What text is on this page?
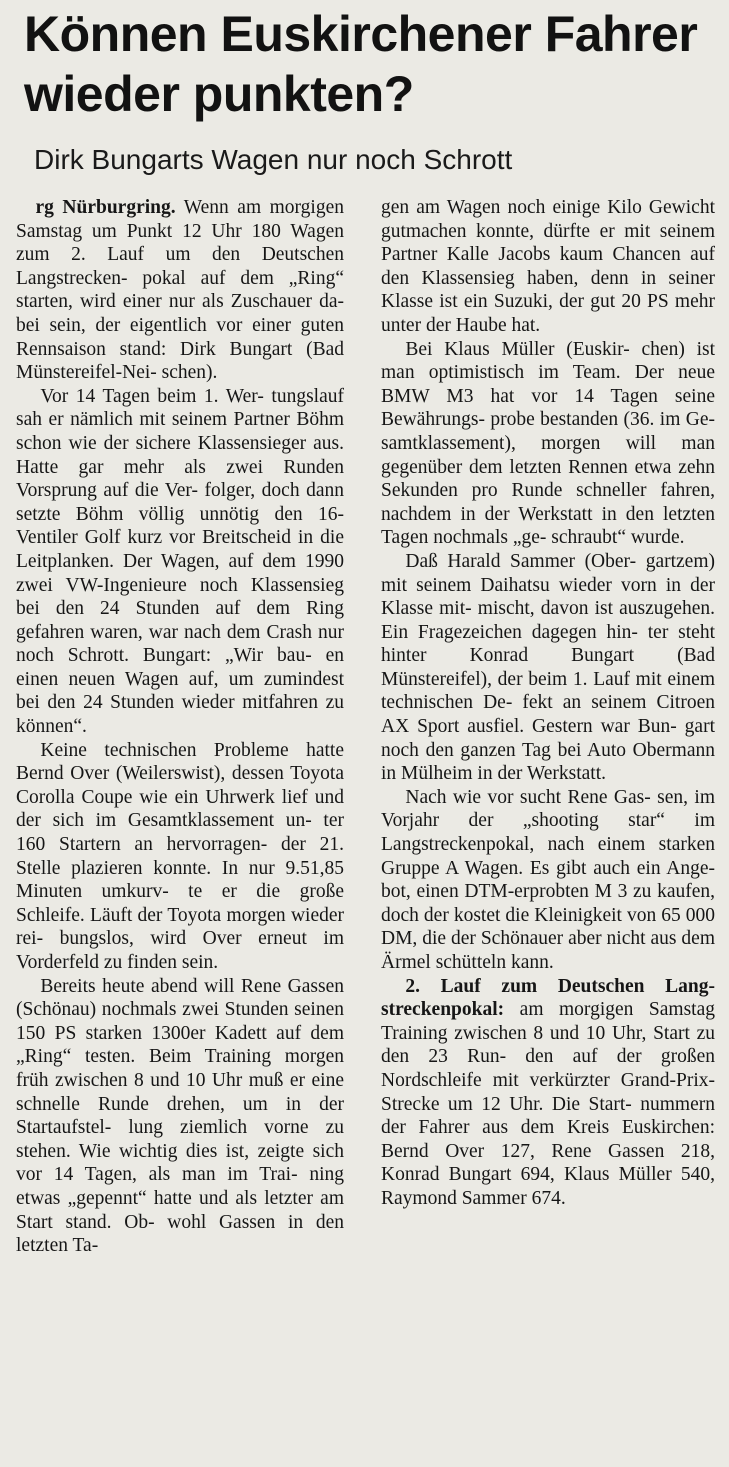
Können Euskirchener Fahrer wieder punkten?
Dirk Bungarts Wagen nur noch Schrott

rg Nürburgring. Wenn am morgigen Samstag um Punkt 12 Uhr 180 Wagen zum 2. Lauf um den Deutschen Langstrecken- pokal auf dem „Ring“ starten, wird einer nur als Zuschauer da- bei sein, der eigentlich vor einer guten Rennsaison stand: Dirk Bungart (Bad Münstereifel-Nei- schen).

Vor 14 Tagen beim 1. Wer- tungslauf sah er nämlich mit seinem Partner Böhm schon wie der sichere Klassensieger aus. Hatte gar mehr als zwei Runden Vorsprung auf die Ver- folger, doch dann setzte Böhm völlig unnötig den 16-Ventiler Golf kurz vor Breitscheid in die Leitplanken. Der Wagen, auf dem 1990 zwei VW-Ingenieure noch Klassensieg bei den 24 Stunden auf dem Ring gefahren waren, war nach dem Crash nur noch Schrott. Bungart: „Wir bau- en einen neuen Wagen auf, um zumindest bei den 24 Stunden wieder mitfahren zu können“.

Keine technischen Probleme hatte Bernd Over (Weilerswist), dessen Toyota Corolla Coupe wie ein Uhrwerk lief und der sich im Gesamtklassement un- ter 160 Startern an hervorragen- der 21. Stelle plazieren konnte. In nur 9.51,85 Minuten umkurv- te er die große Schleife. Läuft der Toyota morgen wieder rei- bungslos, wird Over erneut im Vorderfeld zu finden sein.

Bereits heute abend will Rene Gassen (Schönau) nochmals zwei Stunden seinen 150 PS starken 1300er Kadett auf dem „Ring“ testen. Beim Training morgen früh zwischen 8 und 10 Uhr muß er eine schnelle Runde drehen, um in der Startaufstel- lung ziemlich vorne zu stehen. Wie wichtig dies ist, zeigte sich vor 14 Tagen, als man im Trai- ning etwas „gepennt“ hatte und als letzter am Start stand. Ob- wohl Gassen in den letzten Ta-

gen am Wagen noch einige Kilo Gewicht gutmachen konnte, dürfte er mit seinem Partner Kalle Jacobs kaum Chancen auf den Klassensieg haben, denn in seiner Klasse ist ein Suzuki, der gut 20 PS mehr unter der Haube hat.

Bei Klaus Müller (Euskir- chen) ist man optimistisch im Team. Der neue BMW M3 hat vor 14 Tagen seine Bewährungs- probe bestanden (36. im Ge- samtklassement), morgen will man gegenüber dem letzten Rennen etwa zehn Sekunden pro Runde schneller fahren, nachdem in der Werkstatt in den letzten Tagen nochmals „ge- schraubt“ wurde.

Daß Harald Sammer (Ober- gartzem) mit seinem Daihatsu wieder vorn in der Klasse mit- mischt, davon ist auszugehen. Ein Fragezeichen dagegen hin- ter steht hinter Konrad Bungart (Bad Münstereifel), der beim 1. Lauf mit einem technischen De- fekt an seinem Citroen AX Sport ausfiel. Gestern war Bun- gart noch den ganzen Tag bei Auto Obermann in Mülheim in der Werkstatt.

Nach wie vor sucht Rene Gas- sen, im Vorjahr der „shooting star“ im Langstreckenpokal, nach einem starken Gruppe A Wagen. Es gibt auch ein Ange- bot, einen DTM-erprobten M 3 zu kaufen, doch der kostet die Kleinigkeit von 65 000 DM, die der Schönauer aber nicht aus dem Ärmel schütteln kann.

2. Lauf zum Deutschen Lang- streckenpokal: am morgigen Samstag Training zwischen 8 und 10 Uhr, Start zu den 23 Run- den auf der großen Nordschleife mit verkürzter Grand-Prix- Strecke um 12 Uhr. Die Start- nummern der Fahrer aus dem Kreis Euskirchen: Bernd Over 127, Rene Gassen 218, Konrad Bungart 694, Klaus Müller 540, Raymond Sammer 674.
